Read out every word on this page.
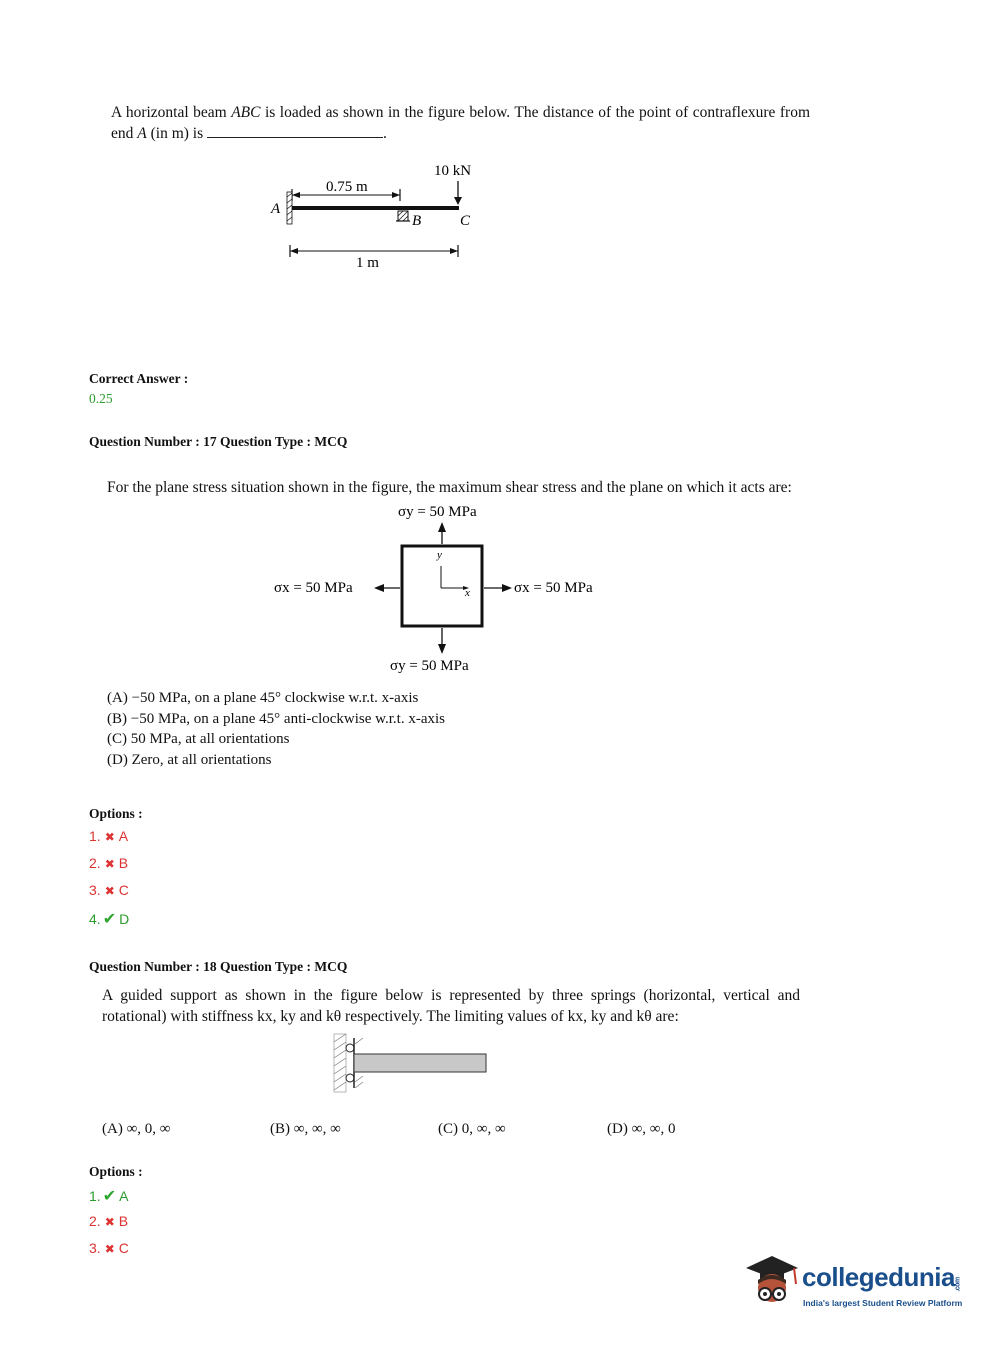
A horizontal beam ABC is loaded as shown in the figure below. The distance of the point of contraflexure from end A (in m) is	.
10 kN
0.75 m
A
B	C
1 m
Correct Answer :
0.25
Question Number : 17 Question Type : MCQ
For the plane stress situation shown in the figure, the maximum shear stress and the plane on which it acts are:
σy = 50 MPa
x
y
σx = 50 MPa	σx = 50 MPa
σy = 50 MPa
(A) −50 MPa, on a plane 45° clockwise w.r.t. x-axis
(B) −50 MPa, on a plane 45° anti-clockwise w.r.t. x-axis
(C) 50 MPa, at all orientations
(D) Zero, at all orientations
Options :
1. ✖ A
2. ✖ B
3. ✖ C
4. ✔ D
Question Number : 18 Question Type : MCQ
A guided support as shown in the figure below is represented by three springs (horizontal, vertical and rotational) with stiffness kx, ky and kθ respectively. The limiting values of kx, ky and kθ are:
(A) ∞, 0, ∞	(B) ∞, ∞, ∞	(C) 0, ∞, ∞	(D) ∞, ∞, 0
Options :
1. ✔ A
2. ✖ B
3. ✖ C
collegedunia.com
India's largest Student Review Platform
